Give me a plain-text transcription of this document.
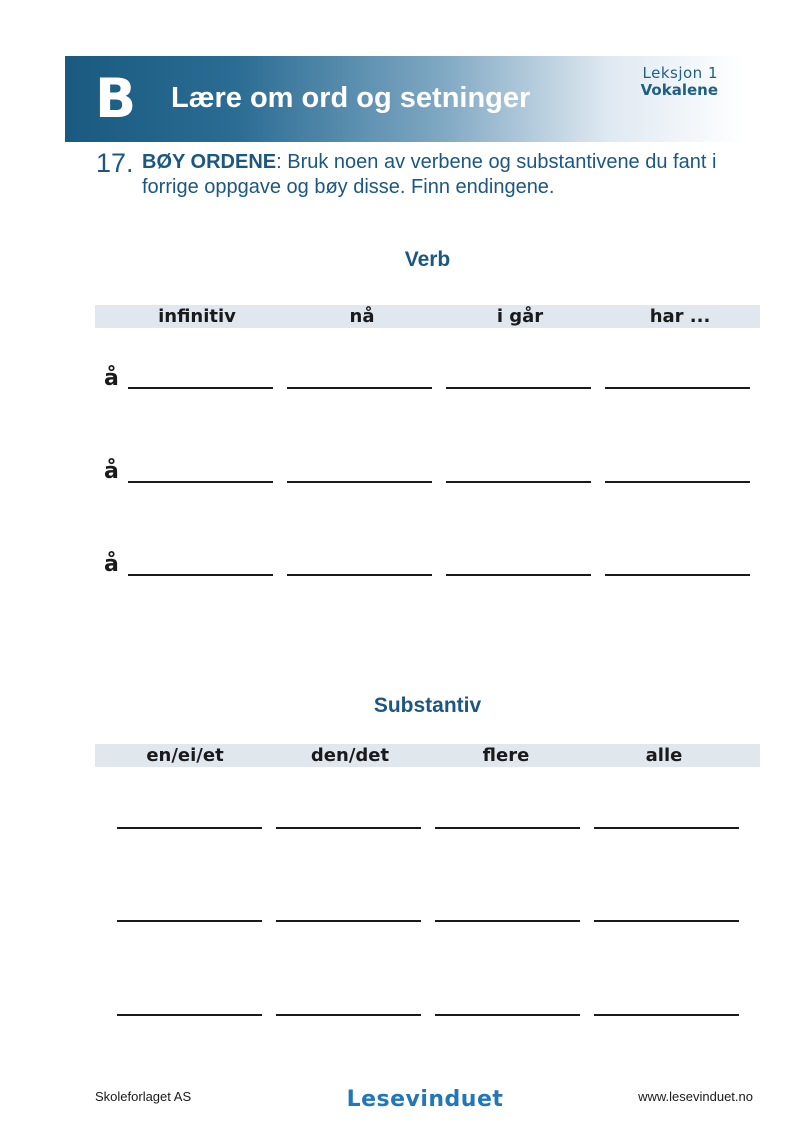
B Lære om ord og setninger
Leksjon 1
Vokalene
17. BØY ORDENE: Bruk noen av verbene og substantivene du fant i forrige oppgave og bøy disse. Finn endingene.
Verb
infinitiv	nå	i går	har ...
å
å
å
Substantiv
en/ei/et	den/det	flere	alle
Skoleforlaget AS	Lesevinduet	www.lesevinduet.no
